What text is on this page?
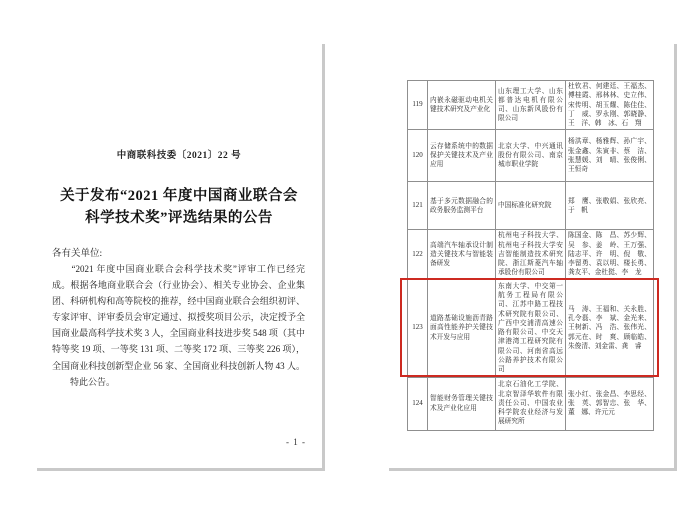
中商联科技委〔2021〕22 号
关于发布“2021 年度中国商业联合会
科学技术奖”评选结果的公告
各有关单位:
　　“2021 年度中国商业联合会科学技术奖”评审工作已经完
成。根据各地商业联合会（行业协会）、相关专业协会、企业集
团、科研机构和高等院校的推荐，经中国商业联合会组织初评、
专家评审、评审委员会审定通过、拟授奖项目公示，决定授予全
国商业最高科学技术奖 3 人，全国商业科技进步奖 548 项（其中
特等奖 19 项、一等奖 131 项、二等奖 172 项、三等奖 226 项），
全国商业科技创新型企业 56 家、全国商业科技创新人物 43 人。
　　特此公告。
- 1 -
119	内嵌永磁驱动电机关键技术研究及产业化	山东理工大学、山东都普达电机有限公司、山东新风股份有限公司	杜钦君、何建廷、王福杰、傅桂霞、邢林林、史立伟、宋传明、胡玉耀、陈佳佳、丁　威、罗永刚、郭晓静、王　洋、韩　冰、石　翔
120	云存储系统中的数据保护关键技术及产业应用	北京大学、中兴通讯股份有限公司、南京城市职业学院	杨洪章、杨雅辉、孙广宇、张金鑫、朱寅非、蔡　洁、张慧媛、刘　晴、张俊俐、王恒奇
121	基于多元数据融合的政务服务监测平台	中国标准化研究院	郑　鹰、张敬娟、张欣亮、于　帆
122	高端汽车轴承设计制造关键技术与智能装备研发	杭州电子科技大学、杭州电子科技大学安吉智能制造技术研究院、浙江斯菱汽车轴承股份有限公司	陈国金、陈　昌、苏少辉、吴　参、姜　岭、王万强、陆志平、许　明、倪　敬、李留勇、袁以明、楼长勇、龚友平、金杜挺、李　龙
123	道路基础设施沥青路面高性能养护关键技术开发与应用	东南大学、中交第一航务工程局有限公司、江苏中路工程技术研究院有限公司、广西中交浦清高速公路有限公司、中交天津港湾工程研究院有限公司、河南省高远公路养护技术有限公司	马　涛、王福和、关永胜、孔令磊、李　斌、金光来、王树新、冯　浩、张伟光、郭元在、时　爽、顾临皓、朱俊清、刘金雷、龚　睿
124	智能财务管理关键技术及产业化应用	北京石油化工学院、北京智泽华软件有限责任公司、中国农业科学院农业经济与发展研究所	张小红、张金昌、李思经、张　英、郭智忠、张　华、董　娜、许元元
